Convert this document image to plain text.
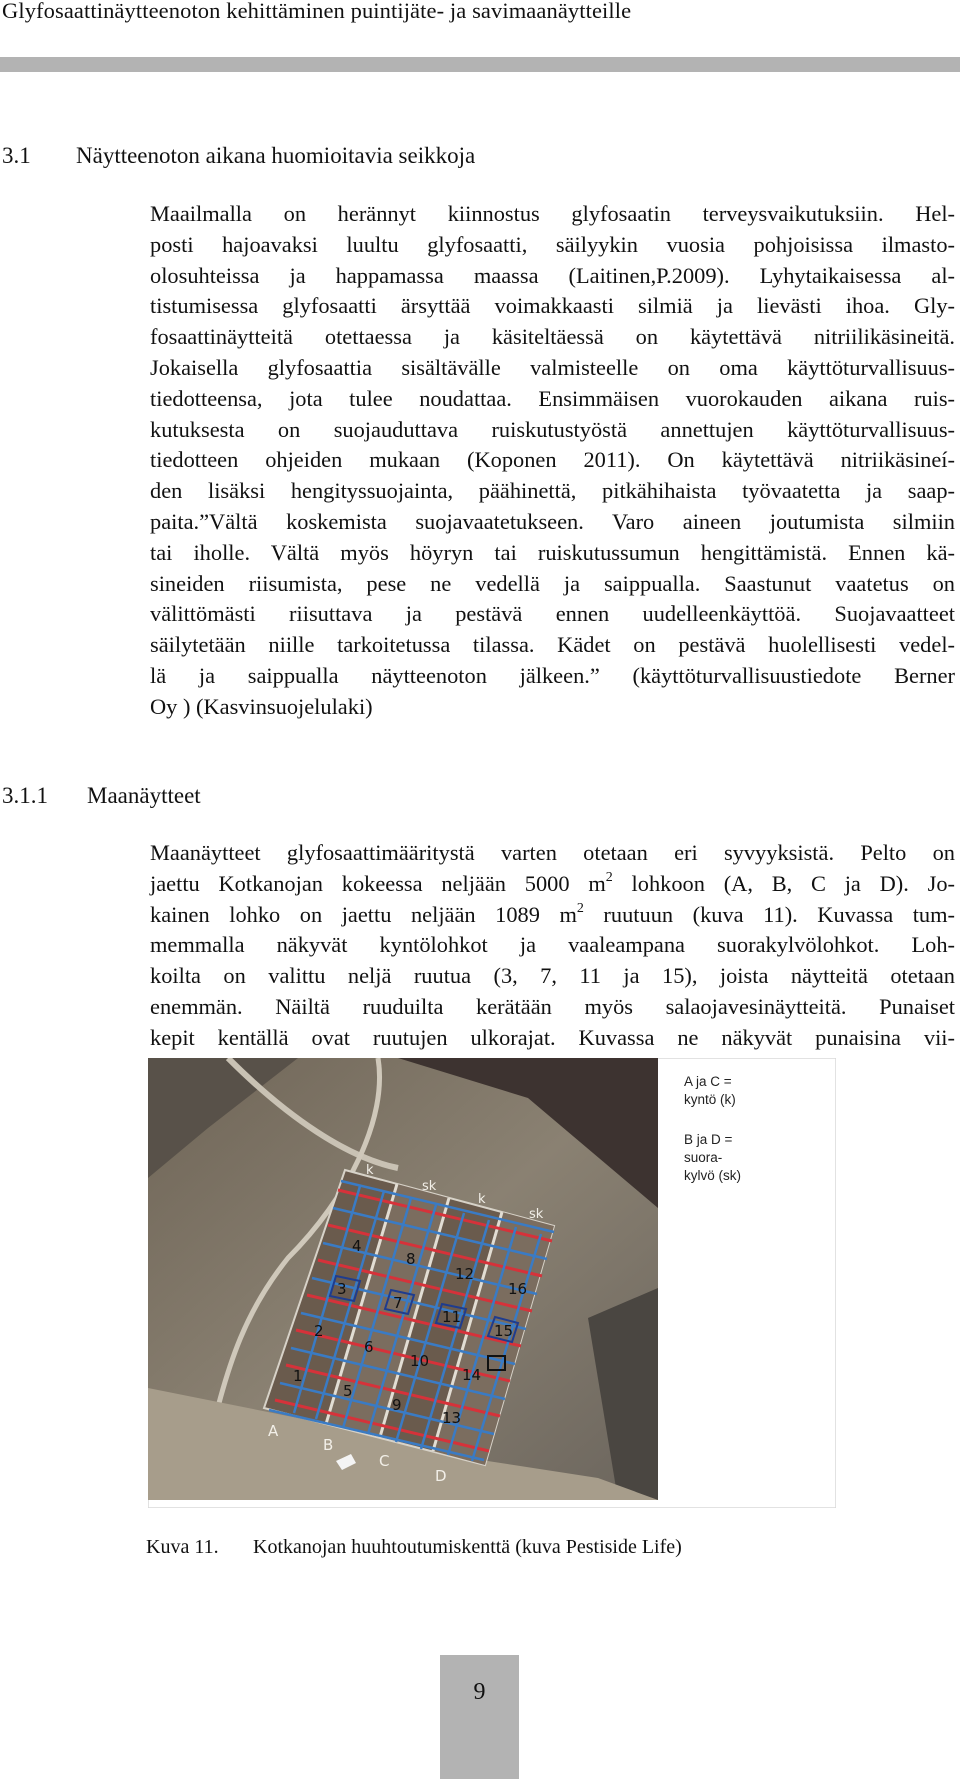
Glyfosaattinäytteenoton kehittäminen puintijäte- ja savimaanäytteille
3.1 Näytteenoton aikana huomioitavia seikkoja
Maailmalla on herännyt kiinnostus glyfosaatin terveysvaikutuksiin. Hel-
posti hajoavaksi luultu glyfosaatti, säilyykin vuosia pohjoisissa ilmasto-
olosuhteissa ja happamassa maassa (Laitinen,P.2009). Lyhytaikaisessa al-
tistumisessa glyfosaatti ärsyttää voimakkaasti silmiä ja lievästi ihoa. Gly-
fosaattinäytteitä otettaessa ja käsiteltäessä on käytettävä nitriilikäsineitä.
Jokaisella glyfosaattia sisältävälle valmisteelle on oma käyttöturvallisuus-
tiedotteensa, jota tulee noudattaa. Ensimmäisen vuorokauden aikana ruis-
kutuksesta on suojauduttava ruiskutustyöstä annettujen käyttöturvallisuus-
tiedotteen ohjeiden mukaan (Koponen 2011). On käytettävä nitriikäsineí-
den lisäksi hengityssuojainta, päähinettä, pitkähihaista työvaatetta ja saap-
paita.”Vältä koskemista suojavaatetukseen. Varo aineen joutumista silmiin
tai iholle. Vältä myös höyryn tai ruiskutussumun hengittämistä. Ennen kä-
sineiden riisumista, pese ne vedellä ja saippualla. Saastunut vaatetus on
välittömästi riisuttava ja pestävä ennen uudelleenkäyttöä. Suojavaatteet
säilytetään niille tarkoitetussa tilassa. Kädet on pestävä huolellisesti vedel-
lä ja saippualla näytteenoton jälkeen.” (käyttöturvallisuustiedote Berner
Oy ) (Kasvinsuojelulaki)
3.1.1 Maanäytteet
Maanäytteet glyfosaattimääritystä varten otetaan eri syvyyksistä. Pelto on
jaettu Kotkanojan kokeessa neljään 5000 $m^2$ lohkoon (A, B, C ja D). Jo-
kainen lohko on jaettu neljään 1089 $m^2$ ruutuun (kuva 11). Kuvassa tum-
memmalla näkyvät kyntölohkot ja vaaleampana suorakylvölohkot. Loh-
koilta on valittu neljä ruutua (3, 7, 11 ja 15), joista näytteitä otetaan
enemmän. Näiltä ruuduilta kerätään myös salaojavesinäytteitä. Punaiset
kepit kentällä ovat ruutujen ulkorajat. Kuvassa ne näkyvät punaisina vii-
1
2
3
4
5
6
7
8
9
10
11
12
13
14
15
16
k
sk
k
sk
A
B
C
D
A ja C =
kyntö (k)
B ja D =
suora-
kylvö (sk)
Kuva 11. Kotkanojan huuhtoutumiskenttä (kuva Pestiside Life)
9
